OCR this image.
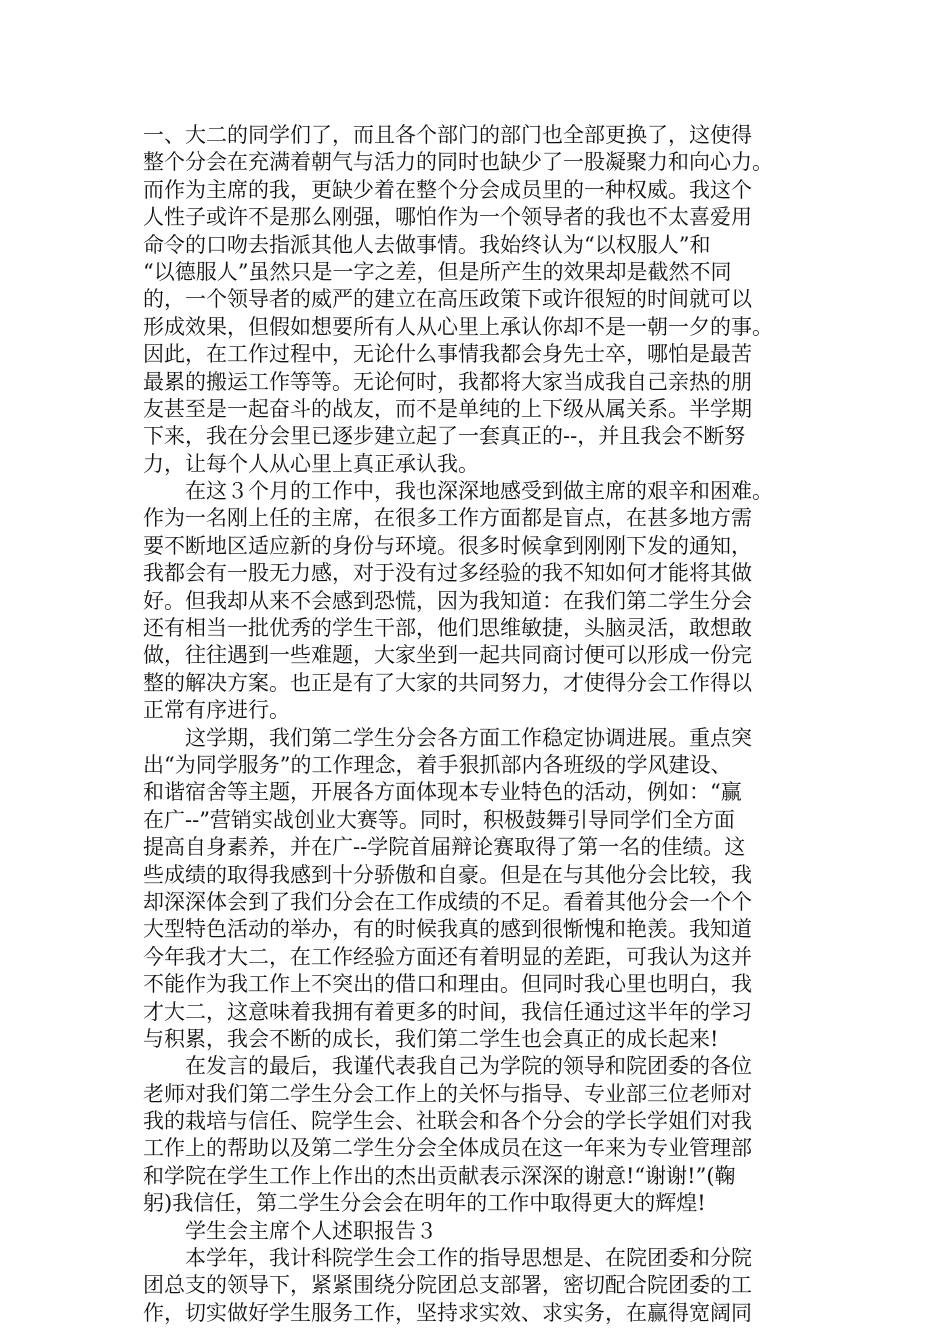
一、大二的同学们了，而且各个部门的部门也全部更换了，这使得
整个分会在充满着朝气与活力的同时也缺少了一股凝聚力和向心力。
而作为主席的我，更缺少着在整个分会成员里的一种权威。我这个
人性子或许不是那么刚强，哪怕作为一个领导者的我也不太喜爱用
命令的口吻去指派其他人去做事情。我始终认为“以权服人”和
“以德服人”虽然只是一字之差，但是所产生的效果却是截然不同
的，一个领导者的威严的建立在高压政策下或许很短的时间就可以
形成效果，但假如想要所有人从心里上承认你却不是一朝一夕的事。
因此，在工作过程中，无论什么事情我都会身先士卒，哪怕是最苦
最累的搬运工作等等。无论何时，我都将大家当成我自己亲热的朋
友甚至是一起奋斗的战友，而不是单纯的上下级从属关系。半学期
下来，我在分会里已逐步建立起了一套真正的--，并且我会不断努
力，让每个人从心里上真正承认我。
　　在这３个月的工作中，我也深深地感受到做主席的艰辛和困难。
作为一名刚上任的主席，在很多工作方面都是盲点，在甚多地方需
要不断地区适应新的身份与环境。很多时候拿到刚刚下发的通知，
我都会有一股无力感，对于没有过多经验的我不知如何才能将其做
好。但我却从来不会感到恐慌，因为我知道：在我们第二学生分会
还有相当一批优秀的学生干部，他们思维敏捷，头脑灵活，敢想敢
做，往往遇到一些难题，大家坐到一起共同商讨便可以形成一份完
整的解决方案。也正是有了大家的共同努力，才使得分会工作得以
正常有序进行。
　　这学期，我们第二学生分会各方面工作稳定协调进展。重点突
出“为同学服务”的工作理念，着手狠抓部内各班级的学风建设、
和谐宿舍等主题，开展各方面体现本专业特色的活动，例如：“赢
在广--”营销实战创业大赛等。同时，积极鼓舞引导同学们全方面
提高自身素养，并在广--学院首届辩论赛取得了第一名的佳绩。这
些成绩的取得我感到十分骄傲和自豪。但是在与其他分会比较，我
却深深体会到了我们分会在工作成绩的不足。看着其他分会一个个
大型特色活动的举办，有的时候我真的感到很惭愧和艳羡。我知道
今年我才大二，在工作经验方面还有着明显的差距，可我认为这并
不能作为我工作上不突出的借口和理由。但同时我心里也明白，我
才大二，这意味着我拥有着更多的时间，我信任通过这半年的学习
与积累，我会不断的成长，我们第二学生也会真正的成长起来!
　　在发言的最后，我谨代表我自己为学院的领导和院团委的各位
老师对我们第二学生分会工作上的关怀与指导、专业部三位老师对
我的栽培与信任、院学生会、社联会和各个分会的学长学姐们对我
工作上的帮助以及第二学生分会全体成员在这一年来为专业管理部
和学院在学生工作上作出的杰出贡献表示深深的谢意!“谢谢!”(鞠
躬)我信任，第二学生分会会在明年的工作中取得更大的辉煌!
　　学生会主席个人述职报告３
　　本学年，我计科院学生会工作的指导思想是、在院团委和分院
团总支的领导下，紧紧围绕分院团总支部署，密切配合院团委的工
作，切实做好学生服务工作，坚持求实效、求实务，在赢得宽阔同
